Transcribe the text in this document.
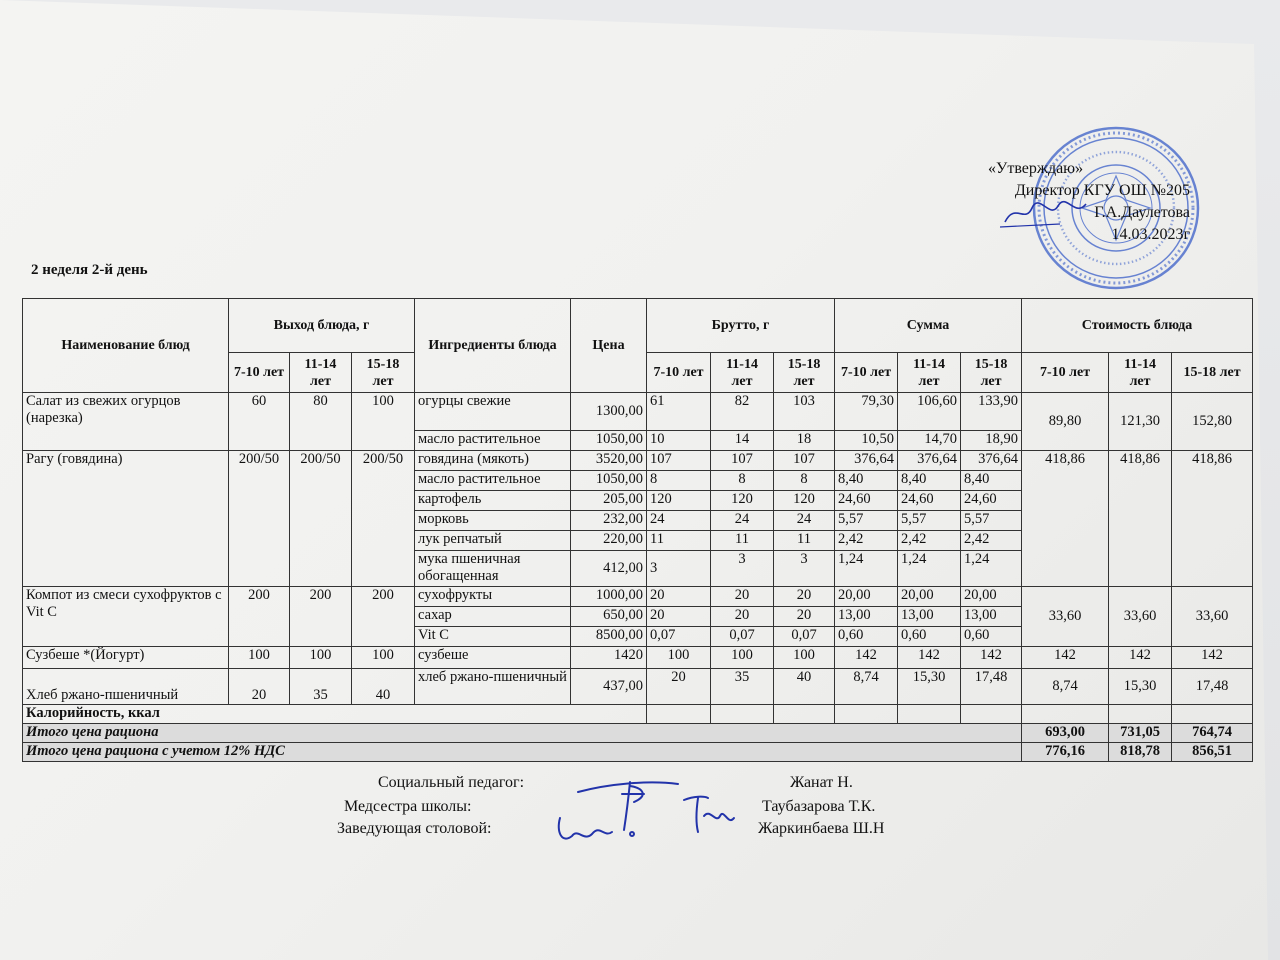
«Утверждаю»
Директор КГУ ОШ №205
Г.А.Даулетова
14.03.2023г
2 неделя 2-й день
Наименование блюд	Выход блюда, г			Ингредиенты блюда	Цена	Брутто, г			Сумма			Стоимость блюда		
	7-10 лет	11-14 лет	15-18 лет			7-10 лет	11-14 лет	15-18 лет	7-10 лет	11-14 лет	15-18 лет	7-10 лет	11-14 лет	15-18 лет
Салат из свежих огурцов (нарезка)	60	80	100	огурцы свежие	1300,00	61	82	103	79,30	106,60	133,90	89,80	121,30	152,80
				масло растительное	1050,00	10	14	18	10,50	14,70	18,90			
Рагу (говядина)	200/50	200/50	200/50	говядина (мякоть)	3520,00	107	107	107	376,64	376,64	376,64	418,86	418,86	418,86
				масло растительное	1050,00	8	8	8	8,40	8,40	8,40			
				картофель	205,00	120	120	120	24,60	24,60	24,60			
				морковь	232,00	24	24	24	5,57	5,57	5,57			
				лук репчатый	220,00	11	11	11	2,42	2,42	2,42			
				мука пшеничная обогащенная	412,00	3	3	3	1,24	1,24	1,24			
Компот из смеси сухофруктов с Vit C	200	200	200	сухофрукты	1000,00	20	20	20	20,00	20,00	20,00	33,60	33,60	33,60
				сахар	650,00	20	20	20	13,00	13,00	13,00			
				Vit C	8500,00	0,07	0,07	0,07	0,60	0,60	0,60			
Сузбеше *(Йогурт)	100	100	100	сузбеше	1420	100	100	100	142	142	142	142	142	142
Хлеб ржано-пшеничный	20	35	40	хлеб ржано-пшеничный	437,00	20	35	40	8,74	15,30	17,48	8,74	15,30	17,48
Калорийность, ккал														
Итого цена рациона												693,00	731,05	764,74
Итого цена рациона с учетом 12% НДС												776,16	818,78	856,51
Социальный педагог:	Жанат Н.
Медсестра школы:	Таубазарова Т.К.
Заведующая столовой:	Жаркинбаева Ш.Н
